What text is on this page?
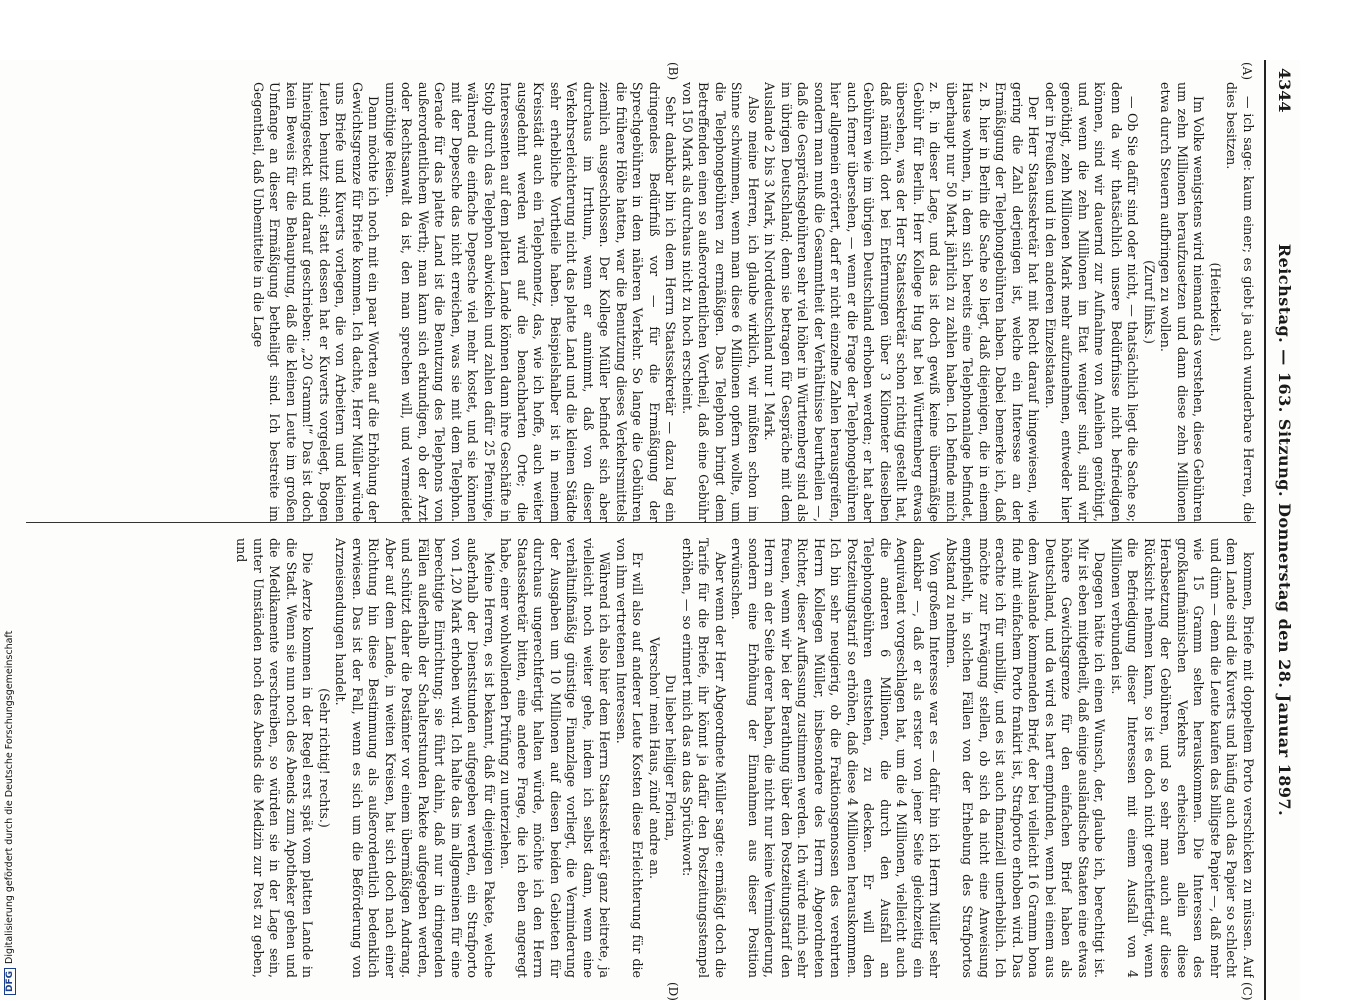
4344
Reichstag. — 163. Sitzung. Donnerstag den 28. Januar 1897.
(A)
(B)
(C)
(D)

— ich sage: kaum einer; es giebt ja auch wunderbare Herren, die dies besitzen.

(Heiterkeit.)

Im Volke wenigstens wird niemand das verstehen, diese Gebühren um zehn Millionen heraufzusetzen und dann diese zehn Millionen etwa durch Steuern aufbringen zu wollen.

(Zuruf links.)

— Ob Sie dafür sind oder nicht, — thatsächlich liegt die Sache so; denn da wir thatsächlich unsere Bedürfnisse nicht befriedigen können, sind wir dauernd zur Aufnahme von Anleihen genöthigt, und wenn die zehn Millionen im Etat weniger sind, sind wir genöthigt, zehn Millionen Mark mehr aufzunehmen, entweder hier oder in Preußen und in den anderen Einzelstaaten.

Der Herr Staatssekretär hat mit Recht darauf hingewiesen, wie gering die Zahl derjenigen ist, welche ein Interesse an der Ermäßigung der Telephongebühren haben. Dabei bemerke ich, daß z. B. hier in Berlin die Sache so liegt, daß diejenigen, die in einem Hause wohnen, in dem sich bereits eine Telephonanlage befindet, überhaupt nur 50 Mark jährlich zu zahlen haben. Ich befinde mich z. B. in dieser Lage, und das ist doch gewiß keine übermäßige Gebühr für Berlin. Herr Kollege Hug hat bei Württemberg etwas übersehen, was der Herr Staatssekretär schon richtig gestellt hat, daß nämlich dort bei Entfernungen über 3 Kilometer dieselben Gebühren wie im übrigen Deutschland erhoben werden; er hat aber auch ferner übersehen, — wenn er die Frage der Telephongebühren hier allgemein erörtert, darf er nicht einzelne Zahlen herausgreifen, sondern man muß die Gesammtheit der Verhältnisse beurtheilen —, daß die Gesprächsgebühren sehr viel höher in Württemberg sind als im übrigen Deutschland; denn sie betragen für Gespräche mit dem Auslande 2 bis 3 Mark, in Norddeutschland nur 1 Mark.

Also meine Herren, ich glaube wirklich, wir müßten schon im Sinne schwimmen, wenn man diese 6 Millionen opfern wollte, um die Telephongebühren zu ermäßigen. Das Telephon bringt dem Betreffenden einen so außerordentlichen Vortheil, daß eine Gebühr von 150 Mark als durchaus nicht zu hoch erscheint.

Sehr dankbar bin ich dem Herrn Staatssekretär — dazu lag ein dringendes Bedürfniß vor — für die Ermäßigung der Sprechgebühren in dem näheren Verkehr. So lange die Gebühren die frühere Höhe hatten, war die Benutzung dieses Verkehrsmittels ziemlich ausgeschlossen. Der Kollege Müller befindet sich aber durchaus im Irrthum, wenn er annimmt, daß von dieser Verkehrserleichterung nicht das platte Land und die kleinen Städte sehr erhebliche Vortheile haben. Beispielshalber ist in meinem Kreisstädt auch ein Telephonnetz, das, wie ich hoffe, auch weiter ausgedehnt werden wird auf die benachbarten Orte; die Interessenten auf dem platten Lande können dann ihre Geschäfte in Stolp durch das Telephon abwickeln und zahlen dafür 25 Pfennige, während die einfache Depesche viel mehr kostet, und sie können mit der Depesche das nicht erreichen, was sie mit dem Telephon. Gerade für das platte Land ist die Benutzung des Telephons von außerordentlichem Werth; man kann sich erkundigen, ob der Arzt oder Rechtsanwalt da ist, den man sprechen will, und vermeidet unnöthige Reisen.

Dann möchte ich noch mit ein paar Worten auf die Erhöhung der Gewichtsgrenze für Briefe kommen. Ich dachte, Herr Müller würde uns Briefe und Kuverts vorlegen, die von Arbeitern und kleinen Leuten benutzt sind; statt dessen hat er Kuverts vorgelegt, Bogen hineingesteckt und darauf geschrieben: „20 Gramm!“ Das ist doch kein Beweis für die Behauptung, daß die kleinen Leute im großen Umfange an dieser Ermäßigung betheiligt sind. Ich bestreite im Gegentheil, daß Unbemittelte in die Lage

kommen, Briefe mit doppeltem Porto verschicken zu müssen. Auf dem Lande sind die Kuverts und häufig auch das Papier so schlecht und dünn — denn die Leute kaufen das billigste Papier —, daß mehr wie 15 Gramm selten herauskommen. Die Interessen des großkaufmännischen Verkehrs erheischen allein diese Herabsetzung der Gebühren, und so sehr man auch auf diese Rücksicht nehmen kann, so ist es doch nicht gerechtfertigt, wenn die Befriedigung dieser Interessen mit einem Ausfall von 4 Millionen verbunden ist.

Dagegen hätte ich einen Wunsch, der, glaube ich, berechtigt ist. Mir ist eben mitgetheilt, daß einige ausländische Staaten eine etwas höhere Gewichtsgrenze für den einfachen Brief haben als Deutschland, und da wird es hart empfunden, wenn bei einem aus dem Auslande kommenden Brief, der bei vielleicht 16 Gramm bona fide mit einfachem Porto frankirt ist, Strafporto erhoben wird. Das erachte ich für unbillig, und es ist auch finanziell unerheblich. Ich möchte zur Erwägung stellen, ob sich da nicht eine Anweisung empfiehlt, in solchen Fällen von der Erhebung des Strafportos Abstand zu nehmen.

Von großem Interesse war es — dafür bin ich Herrn Müller sehr dankbar —, daß er als erster von jener Seite gleichzeitig ein Aequivalent vorgeschlagen hat, um die 4 Millionen, vielleicht auch die anderen 6 Millionen, die durch den Ausfall an Telephongebühren entstehen, zu decken. Er will den Postzeitungstarif so erhöhen, daß diese 4 Millionen herauskommen. Ich bin sehr neugierig, ob die Fraktionsgenossen des verehrten Herrn Kollegen Müller, insbesondere des Herrn Abgeordneten Richter, dieser Auffassung zustimmen werden. Ich würde mich sehr freuen, wenn wir bei der Berathung über den Postzeitungstarif den Herrn an der Seite derer haben, die nicht nur keine Verminderung, sondern eine Erhöhung der Einnahmen aus dieser Position erwünschen.

Aber wenn der Herr Abgeordnete Müller sagte: ermäßigt doch die Tarife für die Briefe, ihr könnt ja dafür den Postzeitungsstempel erhöhen, — so erinnert mich das an das Sprüchwort:

Du lieber heiliger Florian,

Verschon' mein Haus, zünd' andre an.

Er will also auf anderer Leute Kosten diese Erleichterung für die von ihm vertretenen Interessen.

Während ich also hier dem Herrn Staatssekretär ganz beitrete, ja vielleicht noch weiter gehe, indem ich selbst dann, wenn eine verhältnißmäßig günstige Finanzlage vorliegt, die Verminderung der Ausgaben um 10 Millionen auf diesen beiden Gebieten für durchaus ungerechtfertigt halten würde, möchte ich den Herrn Staatssekretär bitten, eine andere Frage, die ich eben angeregt habe, einer wohlwollenden Prüfung zu unterziehen.

Meine Herren, es ist bekannt, daß für diejenigen Pakete, welche außerhalb der Dienststunden aufgegeben werden, ein Strafporto von 1,20 Mark erhoben wird. Ich halte das im allgemeinen für eine berechtigte Einrichtung; sie führt dahin, daß nur in dringenden Fällen außerhalb der Schalterstunden Pakete aufgegeben werden, und schützt daher die Postämter vor einem übermäßigen Andrang. Aber auf dem Lande, in weiten Kreisen, hat sich doch nach einer Richtung hin diese Bestimmung als außerordentlich bedenklich erwiesen. Das ist der Fall, wenn es sich um die Beförderung von Arzneisendungen handelt.

(Sehr richtig! rechts.)

Die Aerzte kommen in der Regel erst spät vom platten Lande in die Stadt. Wenn sie nun noch des Abends zum Apotheker gehen und die Medikamente verschreiben, so würden sie in der Lage sein, unter Umständen noch des Abends die Medizin zur Post zu geben, und

DFGDigitalisierung gefördert durch die Deutsche Forschungsgemeinschaft
